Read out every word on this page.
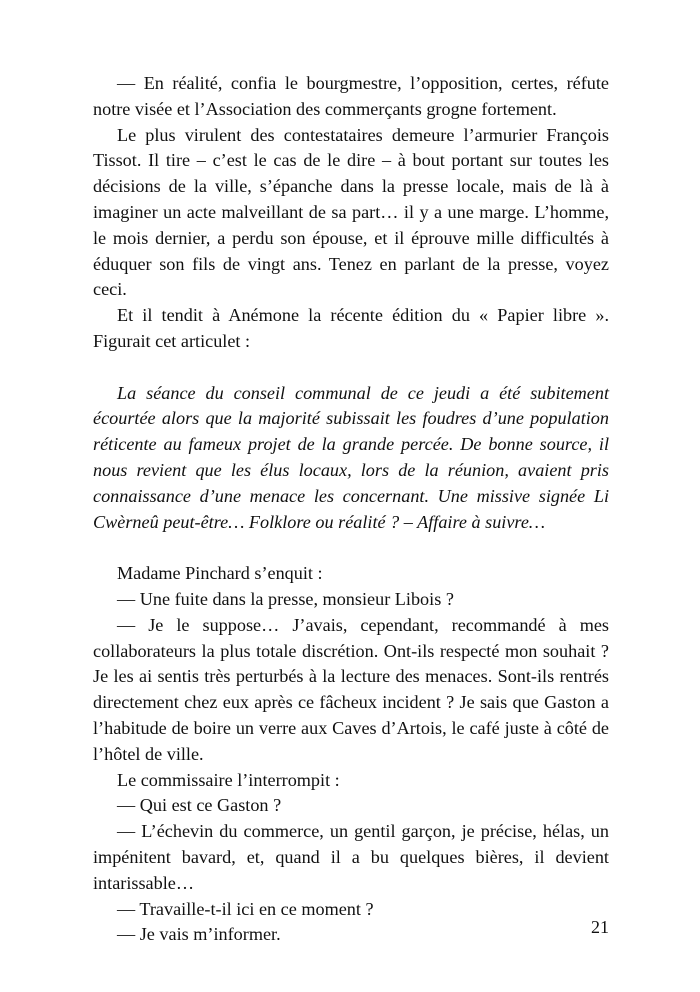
— En réalité, confia le bourgmestre, l’opposition, certes, réfute notre visée et l’Association des commerçants grogne fortement.

Le plus virulent des contestataires demeure l’armurier François Tissot. Il tire – c’est le cas de le dire – à bout portant sur toutes les décisions de la ville, s’épanche dans la presse locale, mais de là à imaginer un acte malveillant de sa part… il y a une marge. L’homme, le mois dernier, a perdu son épouse, et il éprouve mille difficultés à éduquer son fils de vingt ans. Tenez en parlant de la presse, voyez ceci.

Et il tendit à Anémone la récente édition du « Papier libre ». Figurait cet articulet :

La séance du conseil communal de ce jeudi a été subitement écourtée alors que la majorité subissait les foudres d’une population réticente au fameux projet de la grande percée. De bonne source, il nous revient que les élus locaux, lors de la réunion, avaient pris connaissance d’une menace les concernant. Une missive signée Li Cwèrneû peut-être… Folklore ou réalité ? – Affaire à suivre…

Madame Pinchard s’enquit :

— Une fuite dans la presse, monsieur Libois ?

— Je le suppose… J’avais, cependant, recommandé à mes collaborateurs la plus totale discrétion. Ont-ils respecté mon souhait ? Je les ai sentis très perturbés à la lecture des menaces. Sont-ils rentrés directement chez eux après ce fâcheux incident ? Je sais que Gaston a l’habitude de boire un verre aux Caves d’Artois, le café juste à côté de l’hôtel de ville.

Le commissaire l’interrompit :

— Qui est ce Gaston ?

— L’échevin du commerce, un gentil garçon, je précise, hélas, un impénitent bavard, et, quand il a bu quelques bières, il devient intarissable…

— Travaille-t-il ici en ce moment ?

— Je vais m’informer.	21
